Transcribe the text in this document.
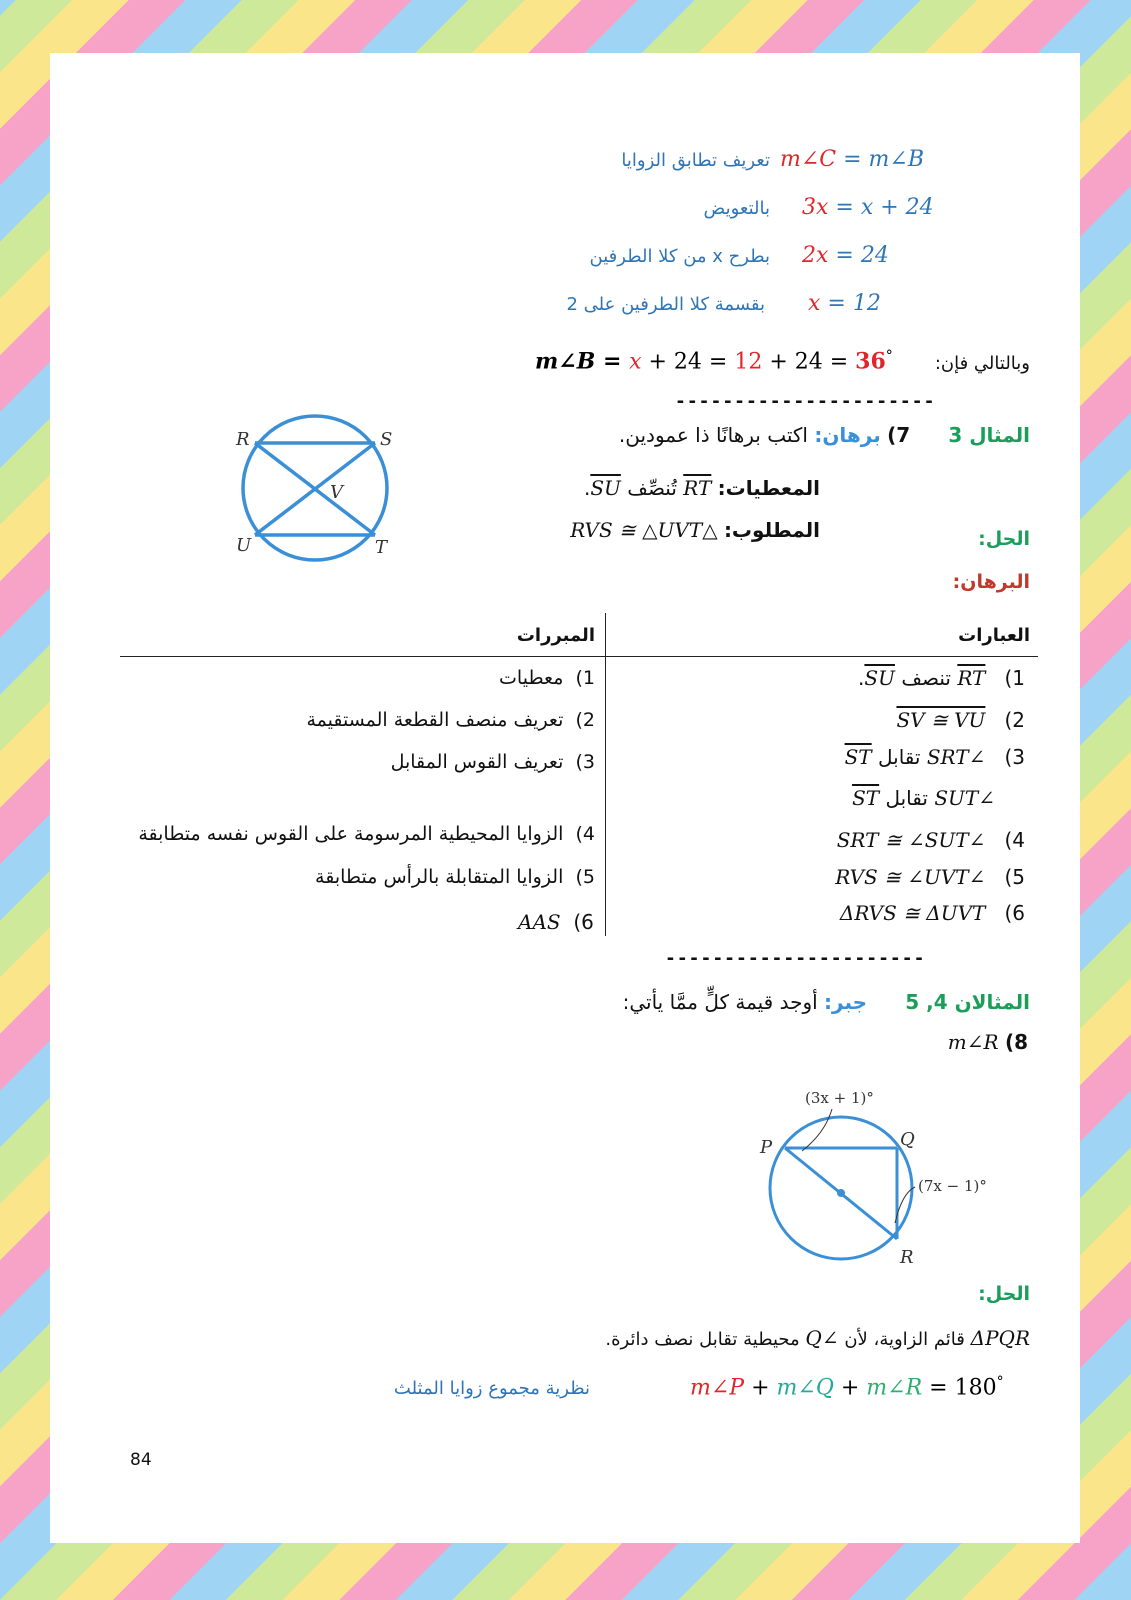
تعريف تطابق الزوايا m∠C = m∠B
بالتعويض 3x = x + 24
بطرح x من كلا الطرفين 2x = 24
بقسمة كلا الطرفين على 2 x = 12
وبالتالي فإن:
m∠B = x + 24 = 12 + 24 = 36°
----------------------
R	S
V
U	T
المثال 3      7) برهان: اكتب برهانًا ذا عمودين.
المعطيات: RT تُنصِّف SU.
المطلوب: △RVS ≅ △UVT	الحل:
البرهان:
العبارات
المبررات
1)   RT تنصف SU.
1)  معطيات
2)   SV ≅ VU
2)  تعريف منصف القطعة المستقيمة
3)   ∠SRT تقابل ST
3)  تعريف القوس المقابل
∠SUT تقابل ST
4)   ∠SRT ≅ ∠SUT
4)  الزوايا المحيطية المرسومة على القوس نفسه متطابقة
5)   ∠RVS ≅ ∠UVT
5)  الزوايا المتقابلة بالرأس متطابقة
6)   ΔRVS ≅ ΔUVT
AAS (6
----------------------
المثالان 4, 5      جبر: أوجد قيمة كلٍّ ممَّا يأتي:
8) m∠R
(3x + 1)°
(7x − 1)°
P	Q
R
الحل:
ΔPQR قائم الزاوية، لأن ∠Q محيطية تقابل نصف دائرة.
m∠P + m∠Q + m∠R = 180°
نظرية مجموع زوايا المثلث
84
